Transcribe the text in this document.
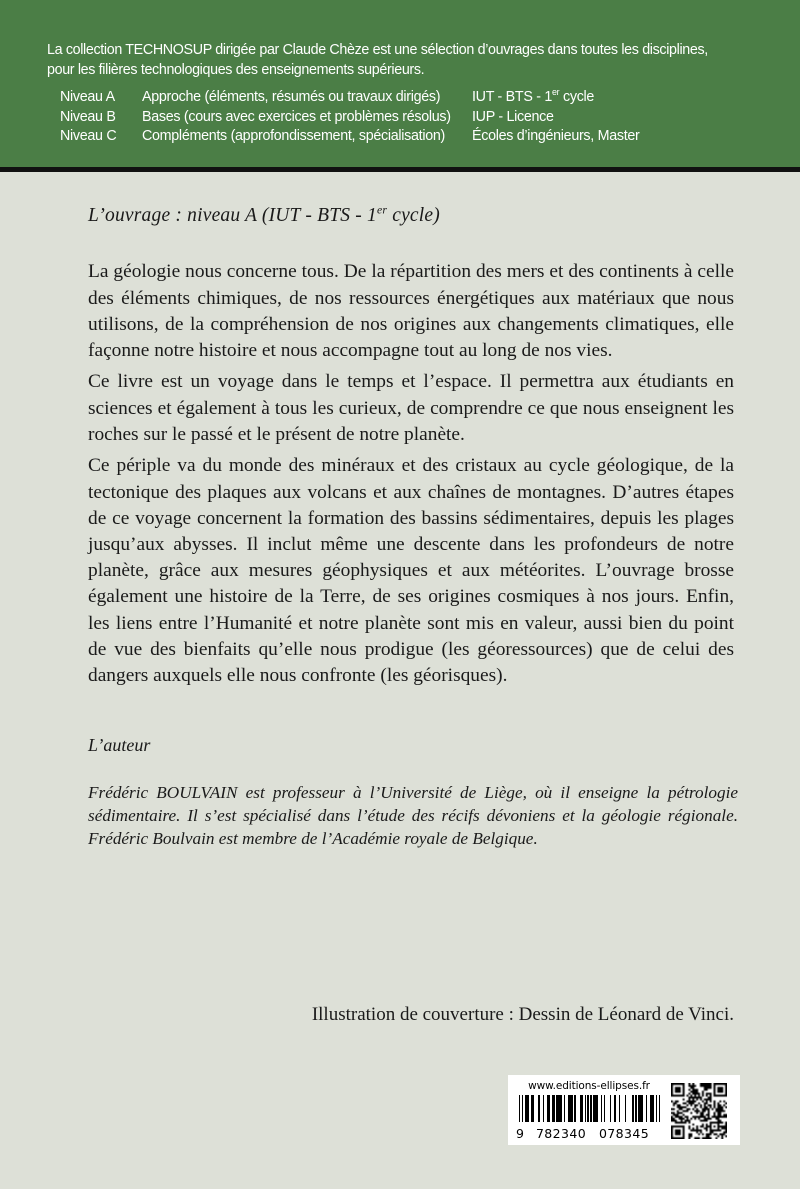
La collection TECHNOSUP dirigée par Claude Chèze est une sélection d’ouvrages dans toutes les disciplines,
pour les filières technologiques des enseignements supérieurs.
Niveau A	Approche (éléments, résumés ou travaux dirigés)	IUT - BTS - 1er cycle
Niveau B	Bases (cours avec exercices et problèmes résolus)	IUP - Licence
Niveau C	Compléments (approfondissement, spécialisation)	Écoles d’ingénieurs, Master
L’ouvrage : niveau A (IUT - BTS - 1er cycle)

La géologie nous concerne tous. De la répartition des mers et des continents à celle des éléments chimiques, de nos ressources énergétiques aux matériaux que nous utilisons, de la compréhension de nos origines aux changements climatiques, elle façonne notre histoire et nous accompagne tout au long de nos vies.

Ce livre est un voyage dans le temps et l’espace. Il permettra aux étudiants en sciences et également à tous les curieux, de comprendre ce que nous enseignent les roches sur le passé et le présent de notre planète.

Ce périple va du monde des minéraux et des cristaux au cycle géologique, de la tectonique des plaques aux volcans et aux chaînes de montagnes. D’autres étapes de ce voyage concernent la formation des bassins sédimentaires, depuis les plages jusqu’aux abysses. Il inclut même une descente dans les profondeurs de notre planète, grâce aux mesures géophysiques et aux météorites. L’ouvrage brosse également une histoire de la Terre, de ses origines cosmiques à nos jours. Enfin, les liens entre l’Humanité et notre planète sont mis en valeur, aussi bien du point de vue des bienfaits qu’elle nous prodigue (les géoressources) que de celui des dangers auxquels elle nous confronte (les géorisques).

L’auteur

Frédéric BOULVAIN est professeur à l’Université de Liège, où il enseigne la pétrologie sédimentaire. Il s’est spécialisé dans l’étude des récifs dévoniens et la géologie régionale. Frédéric Boulvain est membre de l’Académie royale de Belgique.

Illustration de couverture : Dessin de Léonard de Vinci.
www.editions-ellipses.fr
9 782340	078345
